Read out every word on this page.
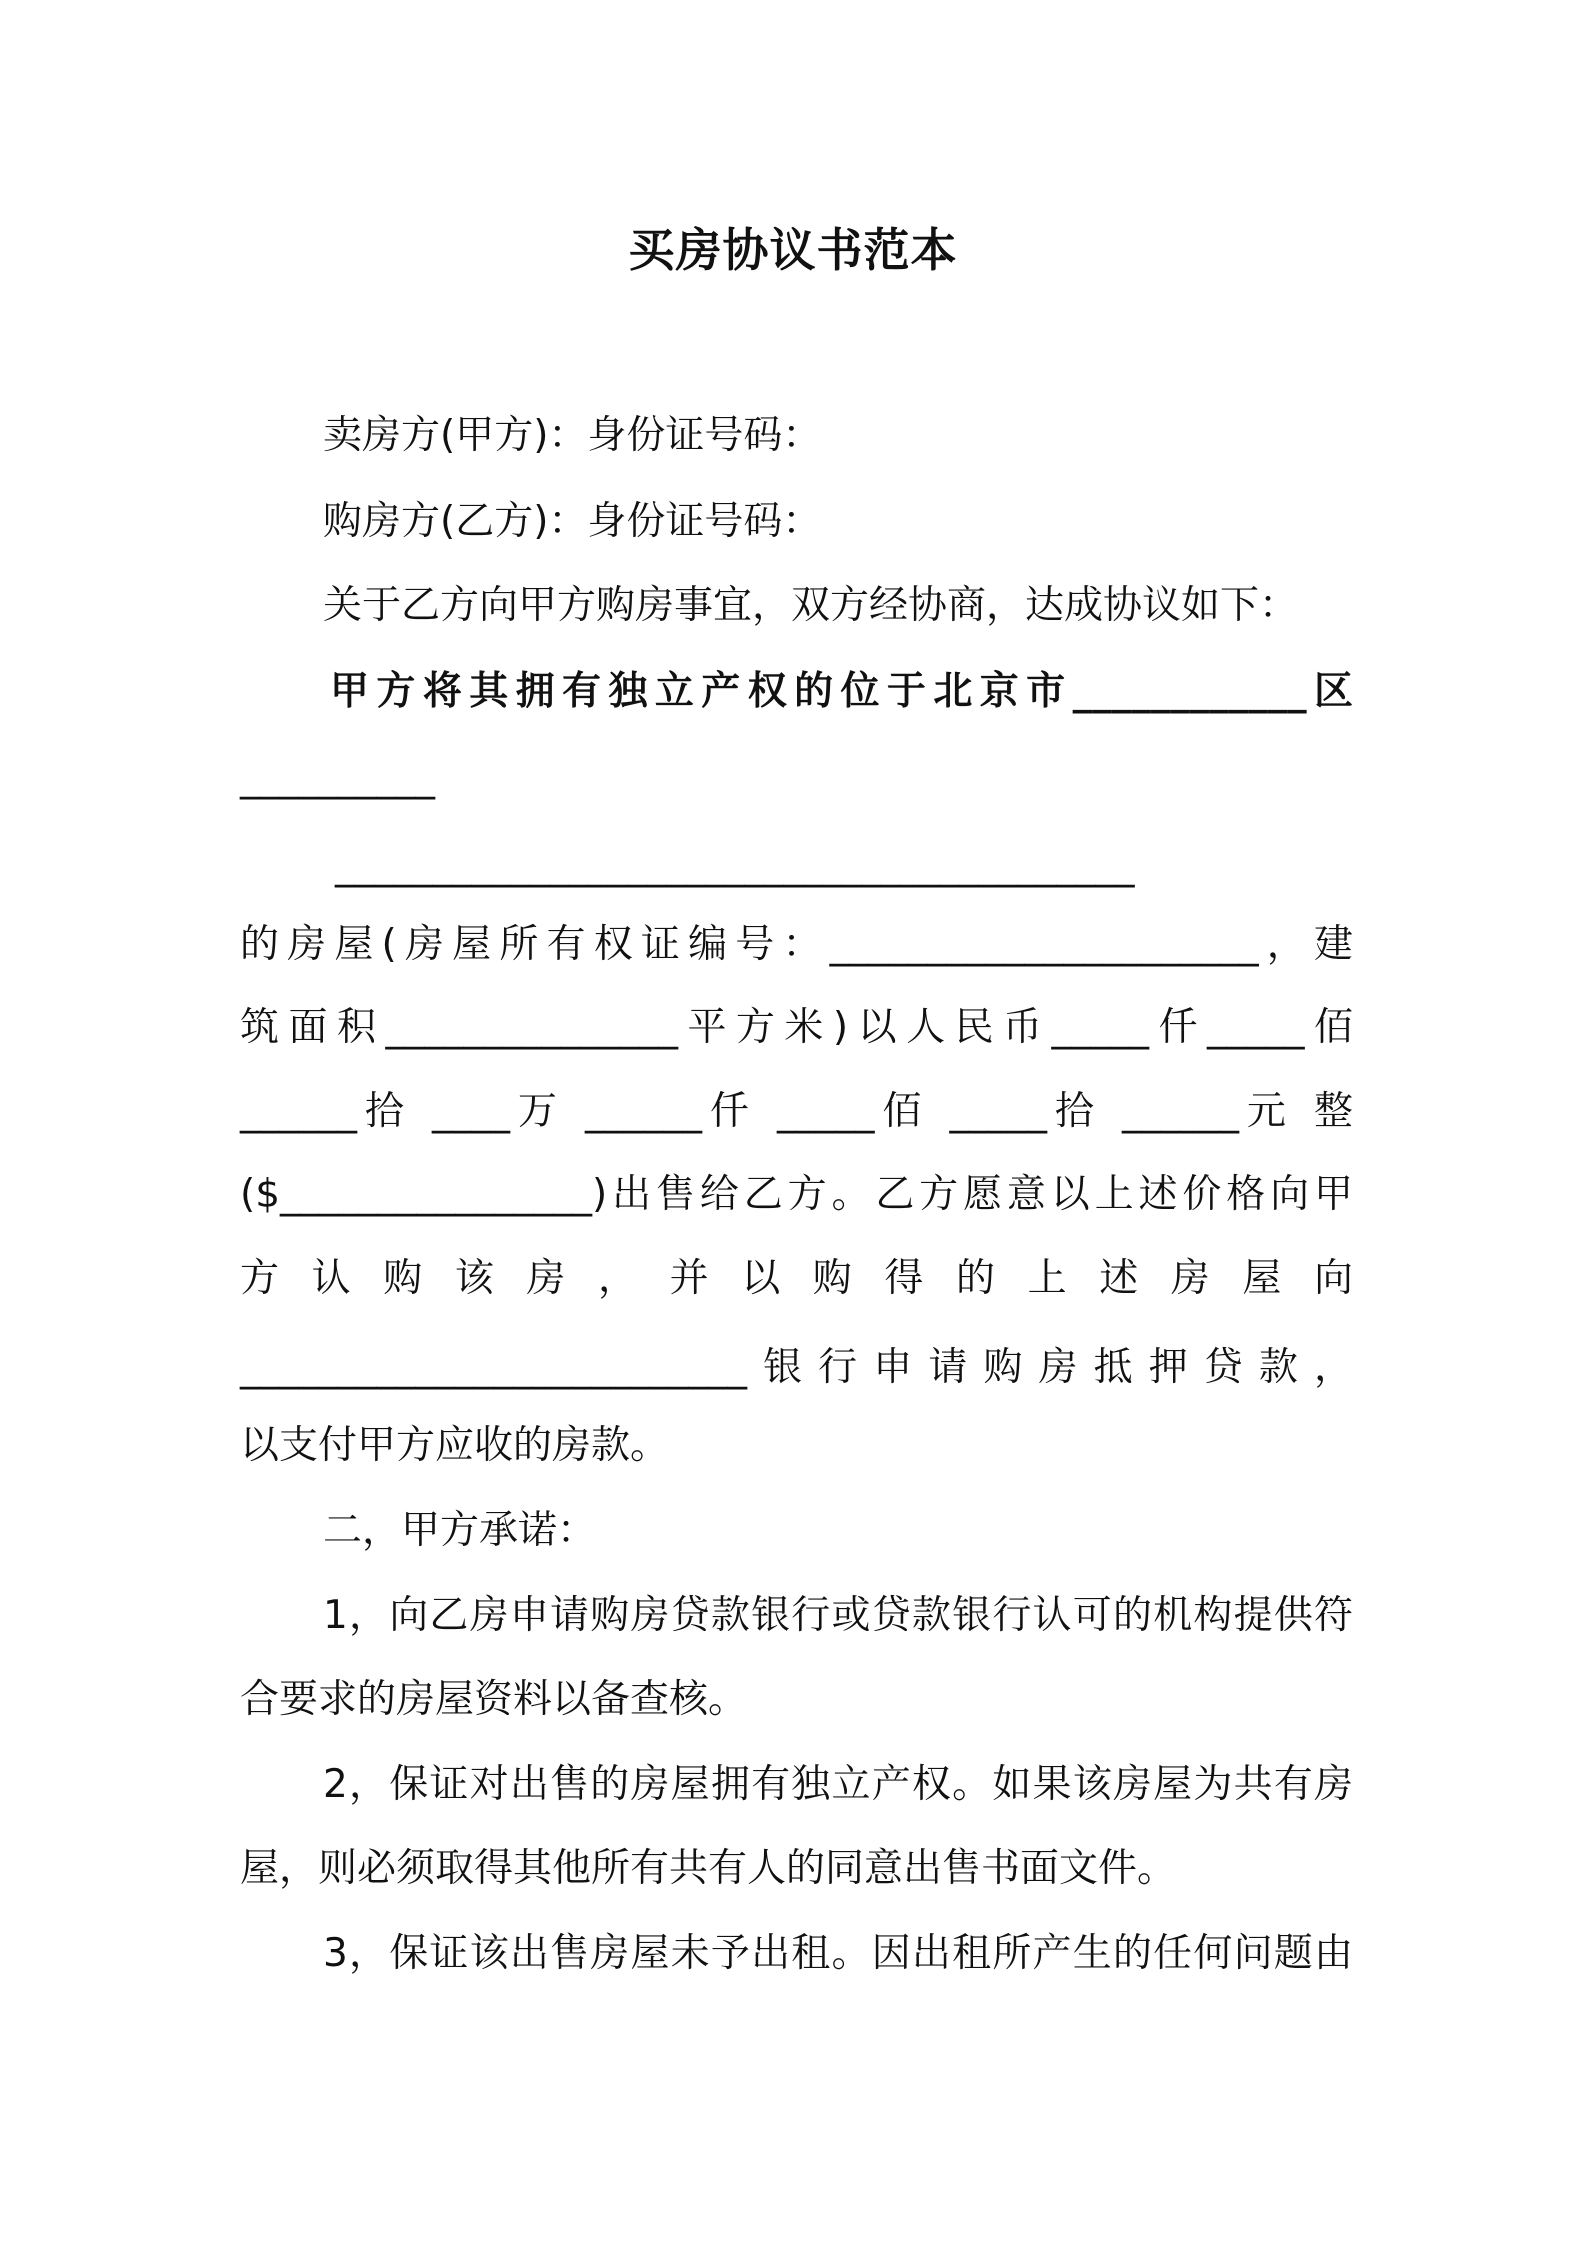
买房协议书范本

卖房方(甲方)：身份证号码：

购房方(乙方)：身份证号码：

关于乙方向甲方购房事宜，双方经协商，达成协议如下：

甲方将其拥有独立产权的位于北京市____________区

__________

_________________________________________

的房屋(房屋所有权证编号：______________________，建

筑面积_______________平方米)以人民币_____仟_____佰

______拾 ____万 ______仟 _____佰 _____拾 ______元 整

($________________)出售给乙方。乙方愿意以上述价格向甲

方 认 购 该 房 ， 并 以 购 得 的 上 述 房 屋 向

__________________________银行申请购房抵押贷款，

以支付甲方应收的房款。

二，甲方承诺：

1，向乙房申请购房贷款银行或贷款银行认可的机构提供符

合要求的房屋资料以备查核。

2，保证对出售的房屋拥有独立产权。如果该房屋为共有房

屋，则必须取得其他所有共有人的同意出售书面文件。

3，保证该出售房屋未予出租。因出租所产生的任何问题由
